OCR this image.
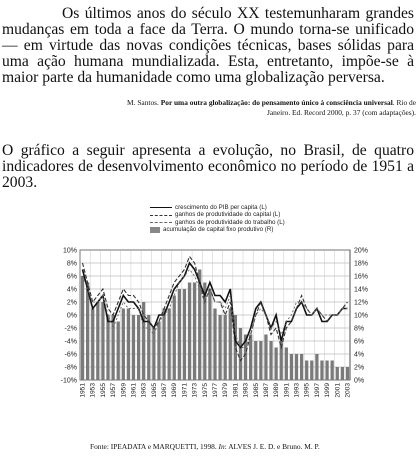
Os últimos anos do século XX testemunharam grandes mudanças em toda a face da Terra. O mundo torna-se unificado — em virtude das novas condições técnicas, bases sólidas para uma ação humana mundializada. Esta, entretanto, impõe-se à maior parte da humanidade como uma globalização perversa.
M. Santos. Por uma outra globalização: do pensamento único à consciência universal. Rio de Janeiro. Ed. Record 2000, p. 37 (com adaptações).
O gráfico a seguir apresenta a evolução, no Brasil, de quatro indicadores de desenvolvimento econômico no período de 1951 a 2003.
10%
8%
6%
4%
2%
0%
-2%
-4%
-6%
-8%
-10%
20%
18%
16%
14%
12%
10%
8%
6%
4%
2%
0%
1951 1953 1955 1957 1959 1961 1963 1965 1967 1969 1971 1973 1975 1977 1979 1981 1983 1985 1987 1989 1991 1993 1995 1997 1999 2001 2003
crescimento do PIB per capita (L)
ganhos de produtividade do capital (L)
ganhos de produtividade do trabalho (L)
acumulação de capital fixo produtivo (R)
Fonte: IPEADATA e MARQUETTI, 1998. In: ALVES J. E. D. e Bruno. M. P.
